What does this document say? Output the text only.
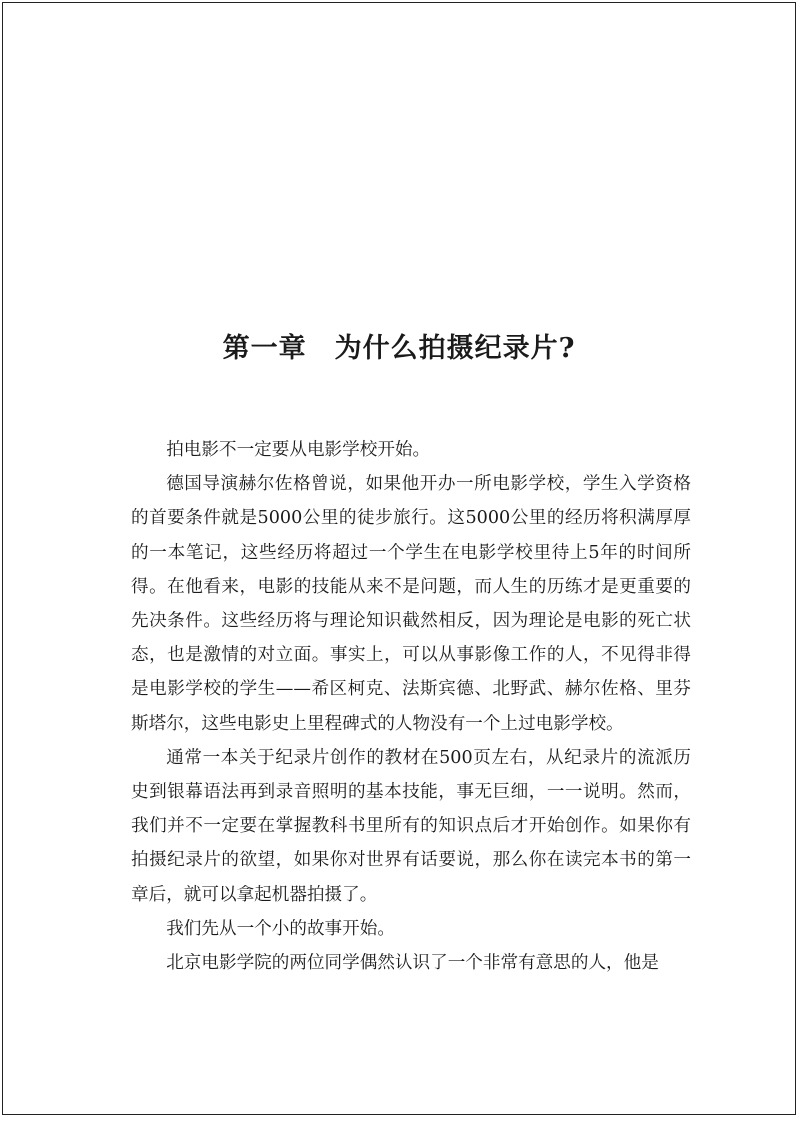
第一章　为什么拍摄纪录片?

拍电影不一定要从电影学校开始。

德国导演赫尔佐格曾说，如果他开办一所电影学校，学生入学资格的首要条件就是5000公里的徒步旅行。这5000公里的经历将积满厚厚的一本笔记，这些经历将超过一个学生在电影学校里待上5年的时间所得。在他看来，电影的技能从来不是问题，而人生的历练才是更重要的先决条件。这些经历将与理论知识截然相反，因为理论是电影的死亡状态，也是激情的对立面。事实上，可以从事影像工作的人，不见得非得是电影学校的学生——希区柯克、法斯宾德、北野武、赫尔佐格、里芬斯塔尔，这些电影史上里程碑式的人物没有一个上过电影学校。

通常一本关于纪录片创作的教材在500页左右，从纪录片的流派历史到银幕语法再到录音照明的基本技能，事无巨细，一一说明。然而，我们并不一定要在掌握教科书里所有的知识点后才开始创作。如果你有拍摄纪录片的欲望，如果你对世界有话要说，那么你在读完本书的第一章后，就可以拿起机器拍摄了。

我们先从一个小的故事开始。

北京电影学院的两位同学偶然认识了一个非常有意思的人，他是
